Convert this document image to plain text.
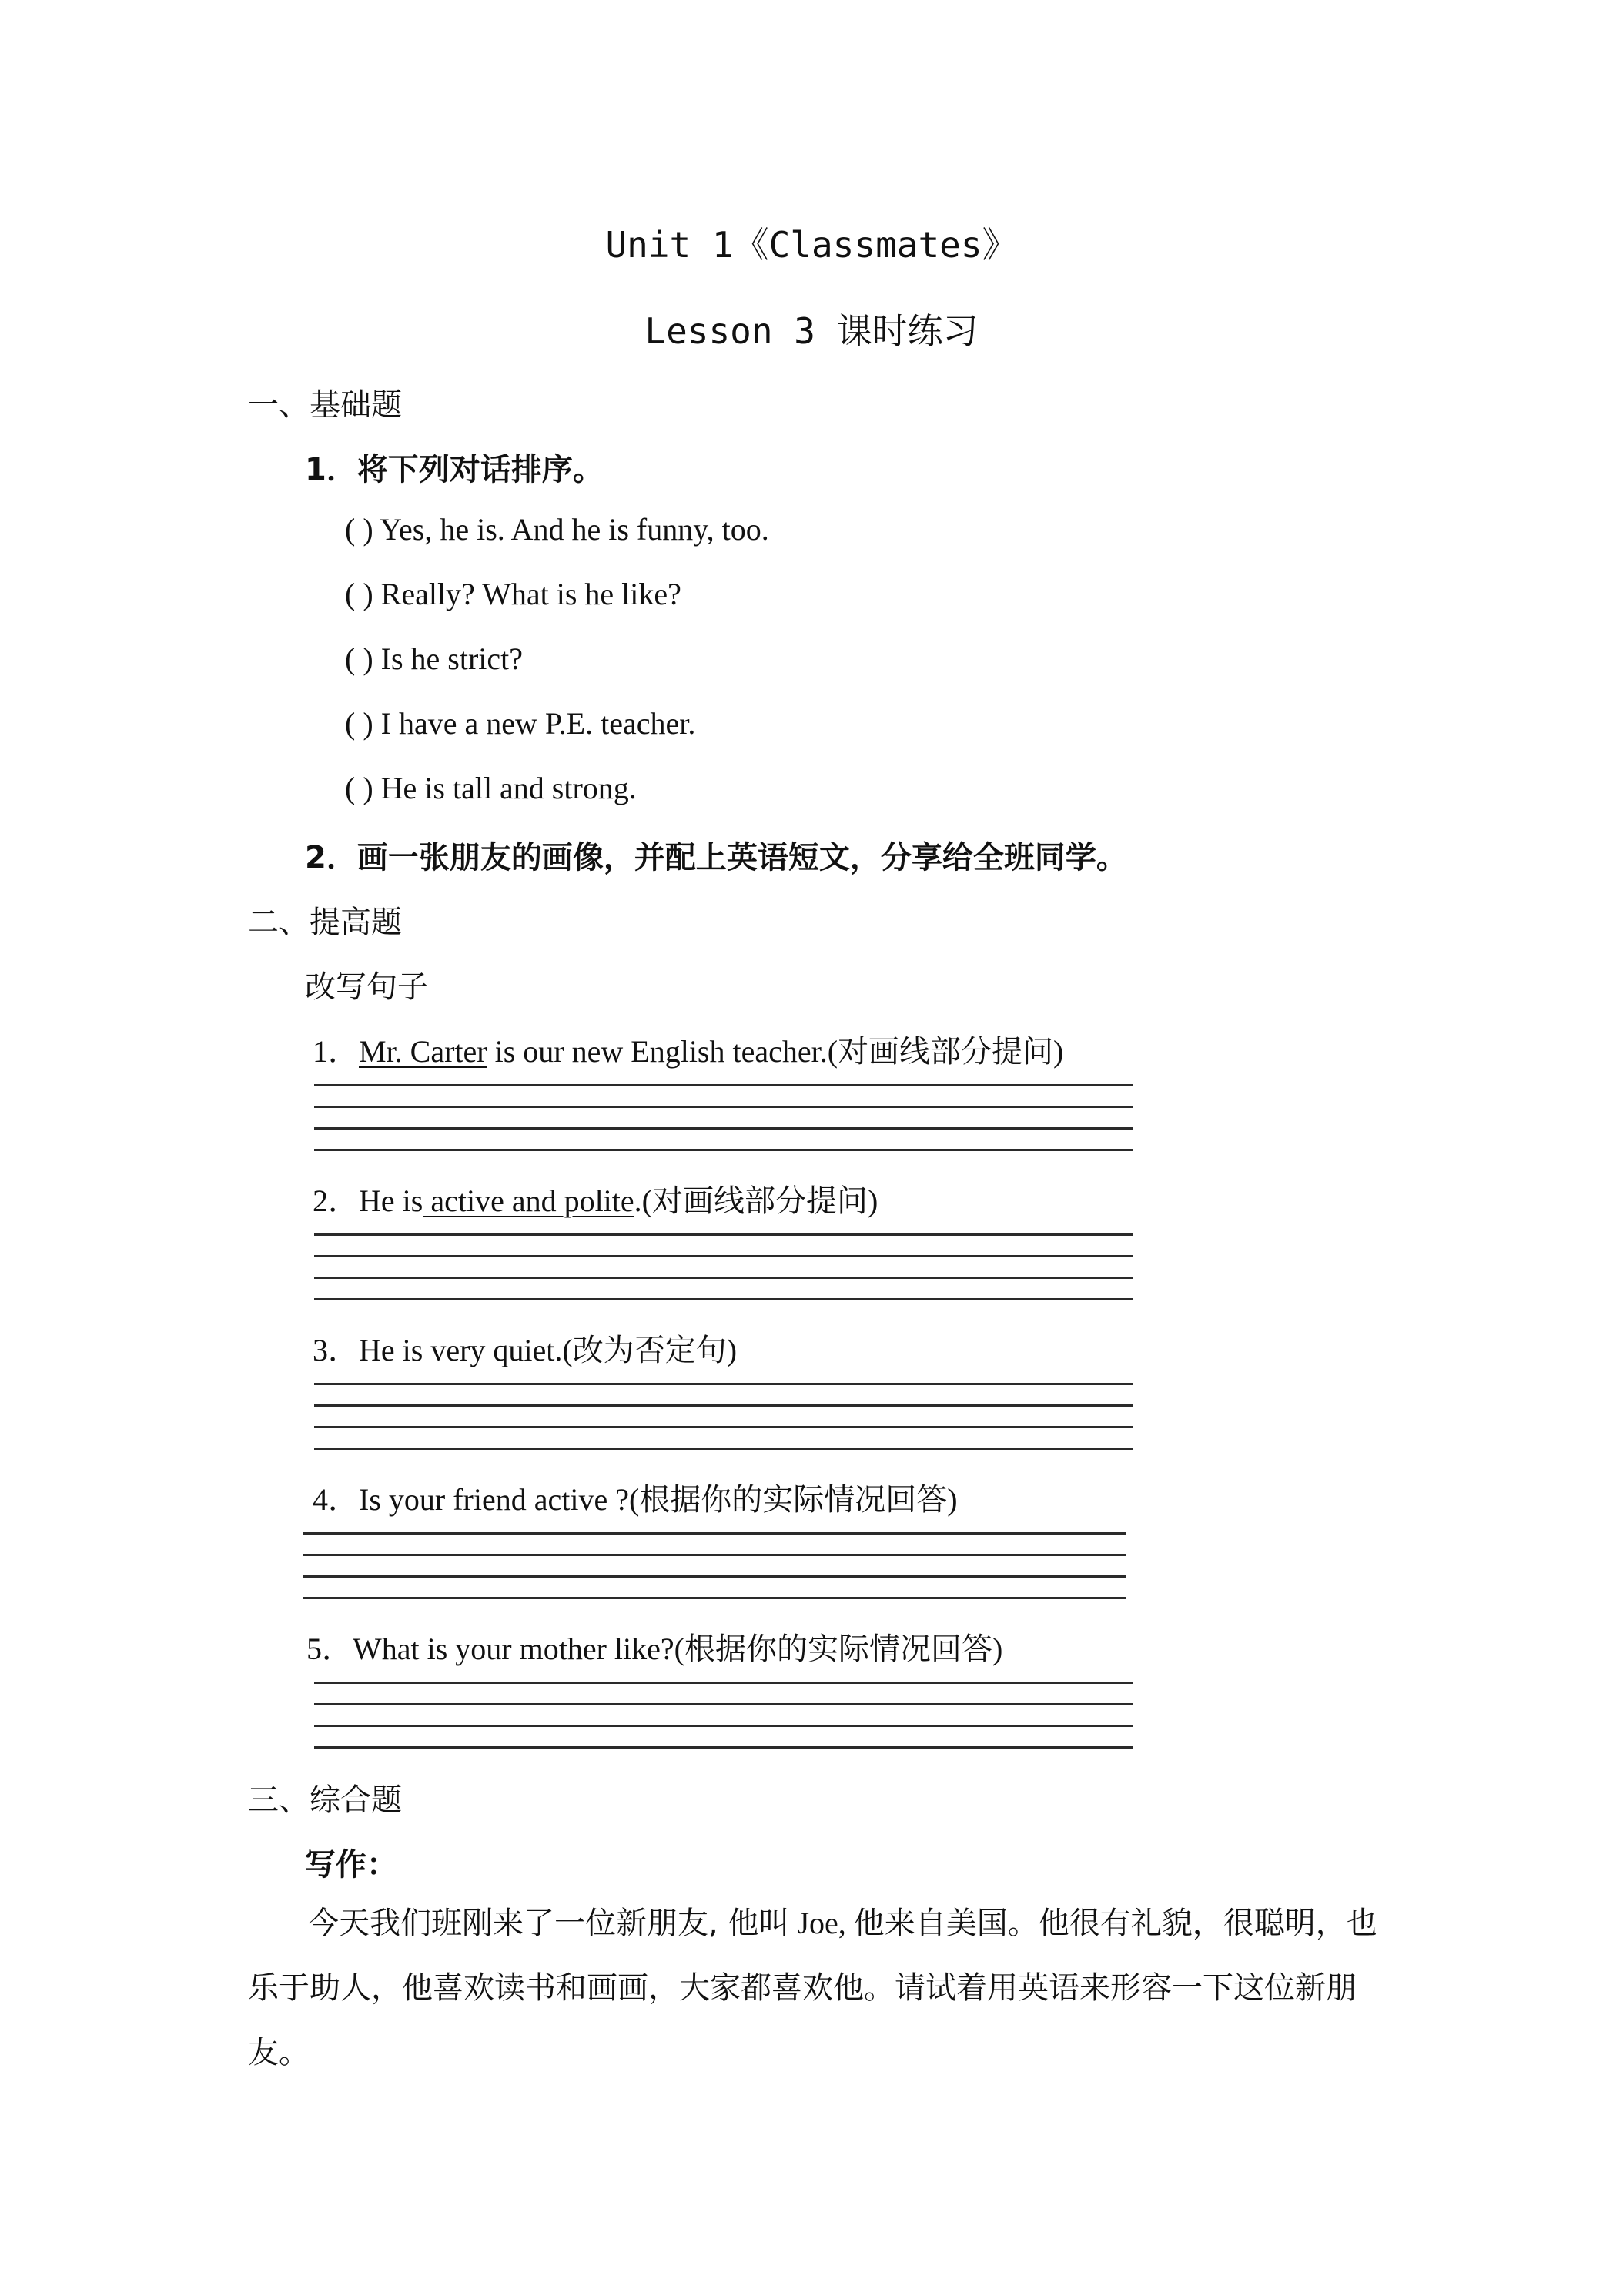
Unit 1《Classmates》
Lesson 3 课时练习
一、基础题
1．将下列对话排序。
( ) Yes, he is. And he is funny, too.
( ) Really? What is he like?
( ) Is he strict?
( ) I have a new P.E. teacher.
( ) He is tall and strong.
2．画一张朋友的画像，并配上英语短文，分享给全班同学。
二、提高题
改写句子
1．Mr. Carter is our new English teacher.(对画线部分提问)
2．He is active and polite.(对画线部分提问)
3．He is very quiet.(改为否定句)
4．Is your friend active ?(根据你的实际情况回答)
5．What is your mother like?(根据你的实际情况回答)
三、综合题
写作：

今天我们班刚来了一位新朋友, 他叫 Joe, 他来自美国。他很有礼貌，很聪明，也乐于助人，他喜欢读书和画画，大家都喜欢他。请试着用英语来形容一下这位新朋友。
